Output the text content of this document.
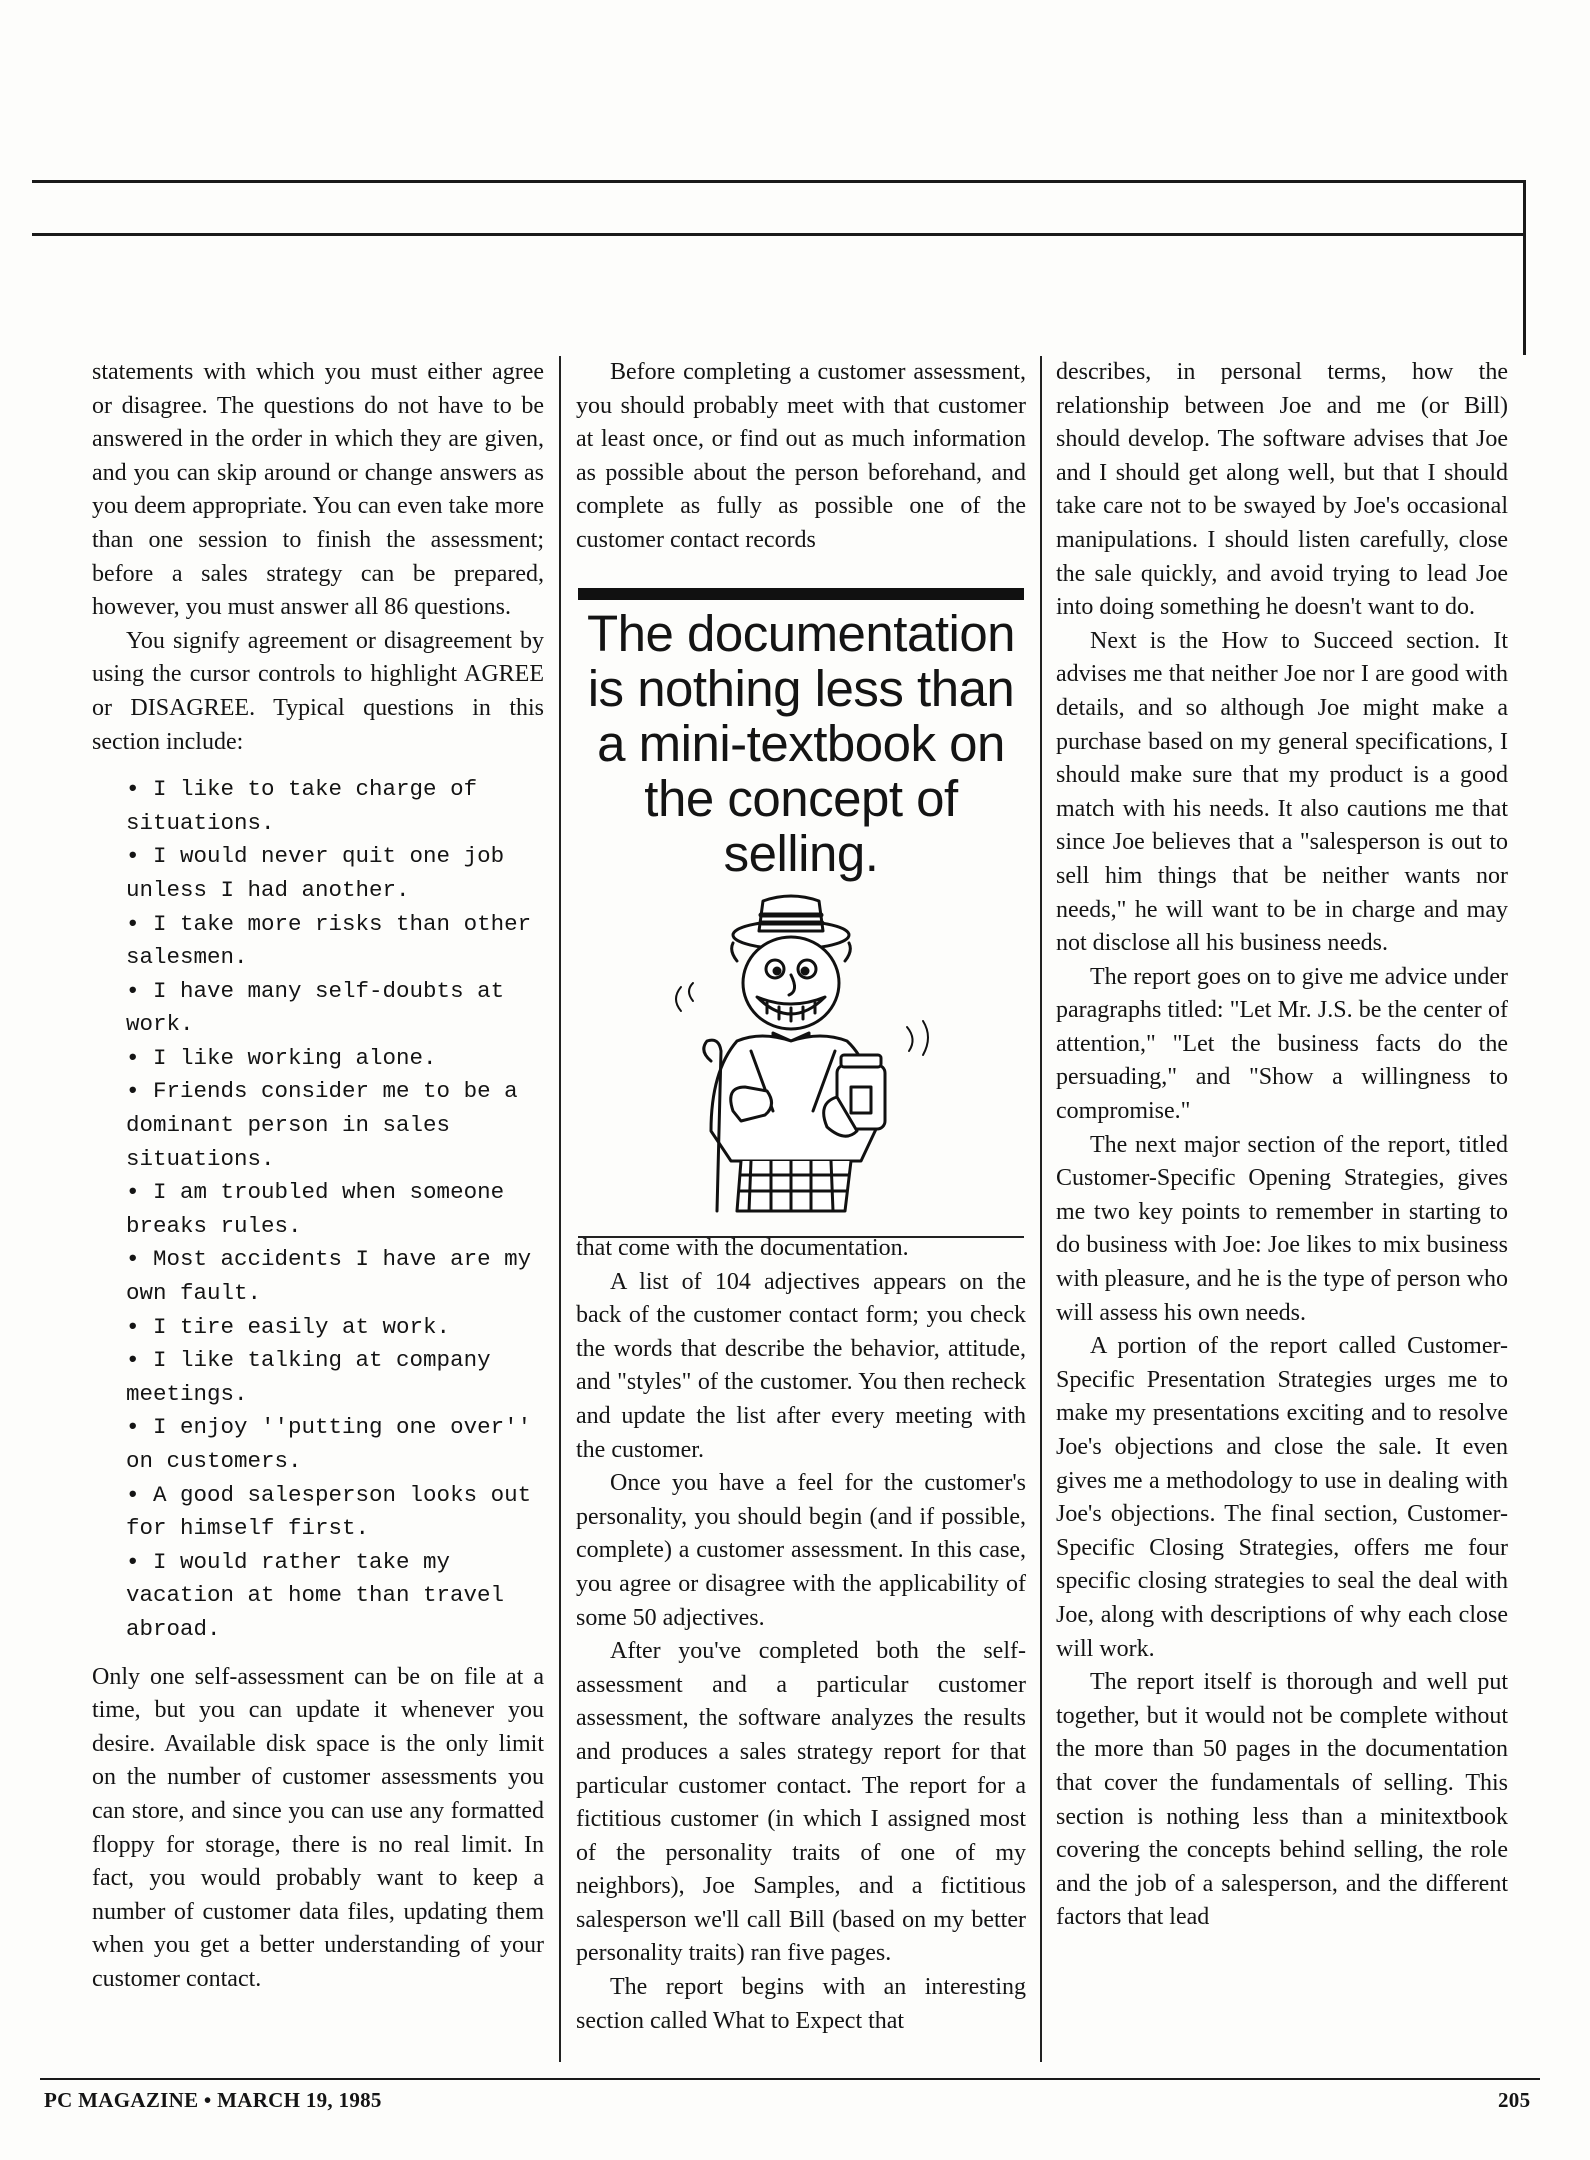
statements with which you must either agree or disagree. The questions do not have to be answered in the order in which they are given, and you can skip around or change answers as you deem appropriate. You can even take more than one session to finish the assessment; before a sales strategy can be prepared, however, you must answer all 86 questions.

You signify agreement or disagreement by using the cursor controls to highlight AGREE or DISAGREE. Typical questions in this section include:

• I like to take charge of situations.
• I would never quit one job unless I had another.
• I take more risks than other salesmen.
• I have many self-doubts at work.
• I like working alone.
• Friends consider me to be a dominant person in sales situations.
• I am troubled when someone breaks rules.
• Most accidents I have are my own fault.
• I tire easily at work.
• I like talking at company meetings.
• I enjoy ''putting one over'' on customers.
• A good salesperson looks out for himself first.
• I would rather take my vacation at home than travel abroad.

Only one self-assessment can be on file at a time, but you can update it whenever you desire. Available disk space is the only limit on the number of customer assessments you can store, and since you can use any formatted floppy for storage, there is no real limit. In fact, you would probably want to keep a number of customer data files, updating them when you get a better understanding of your customer contact.

Before completing a customer assessment, you should probably meet with that customer at least once, or find out as much information as possible about the person beforehand, and complete as fully as possible one of the customer contact records

The documentation is nothing less than a mini-textbook on the concept of selling.

that come with the documentation.

A list of 104 adjectives appears on the back of the customer contact form; you check the words that describe the behavior, attitude, and "styles" of the customer. You then recheck and update the list after every meeting with the customer.

Once you have a feel for the customer's personality, you should begin (and if possible, complete) a customer assessment. In this case, you agree or disagree with the applicability of some 50 adjectives.

After you've completed both the self-assessment and a particular customer assessment, the software analyzes the results and produces a sales strategy report for that particular customer contact. The report for a fictitious customer (in which I assigned most of the personality traits of one of my neighbors), Joe Samples, and a fictitious salesperson we'll call Bill (based on my better personality traits) ran five pages.

The report begins with an interesting section called What to Expect that

describes, in personal terms, how the relationship between Joe and me (or Bill) should develop. The software advises that Joe and I should get along well, but that I should take care not to be swayed by Joe's occasional manipulations. I should listen carefully, close the sale quickly, and avoid trying to lead Joe into doing something he doesn't want to do.

Next is the How to Succeed section. It advises me that neither Joe nor I are good with details, and so although Joe might make a purchase based on my general specifications, I should make sure that my product is a good match with his needs. It also cautions me that since Joe believes that a "salesperson is out to sell him things that be neither wants nor needs," he will want to be in charge and may not disclose all his business needs.

The report goes on to give me advice under paragraphs titled: "Let Mr. J.S. be the center of attention," "Let the business facts do the persuading," and "Show a willingness to compromise."

The next major section of the report, titled Customer-Specific Opening Strategies, gives me two key points to remember in starting to do business with Joe: Joe likes to mix business with pleasure, and he is the type of person who will assess his own needs.

A portion of the report called Customer-Specific Presentation Strategies urges me to make my presentations exciting and to resolve Joe's objections and close the sale. It even gives me a methodology to use in dealing with Joe's objections. The final section, Customer-Specific Closing Strategies, offers me four specific closing strategies to seal the deal with Joe, along with descriptions of why each close will work.

The report itself is thorough and well put together, but it would not be complete without the more than 50 pages in the documentation that cover the fundamentals of selling. This section is nothing less than a minitextbook covering the concepts behind selling, the role and the job of a salesperson, and the different factors that lead

PC MAGAZINE • MARCH 19, 1985	205
